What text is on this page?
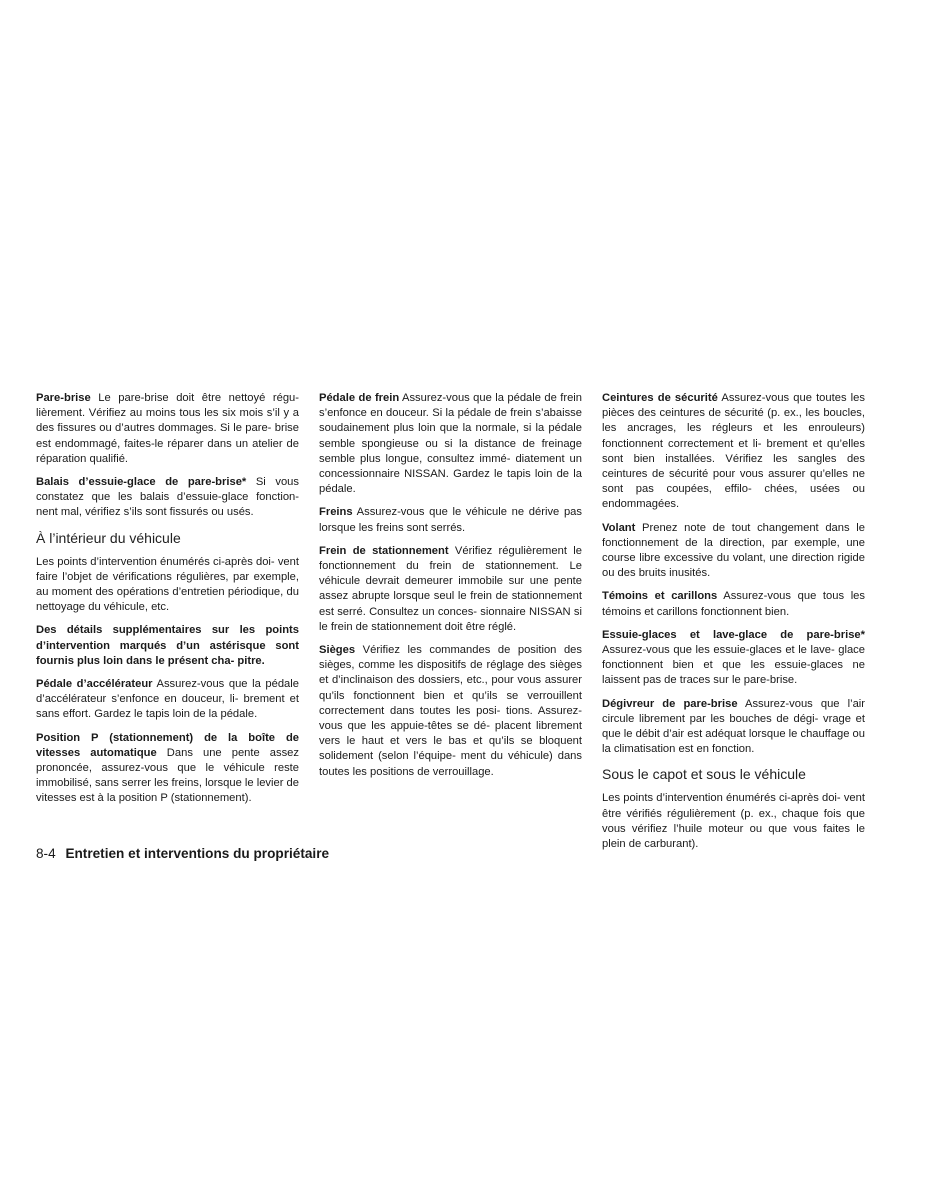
Pare-brise Le pare-brise doit être nettoyé régu- lièrement. Vérifiez au moins tous les six mois s’il y a des fissures ou d’autres dommages. Si le pare- brise est endommagé, faites-le réparer dans un atelier de réparation qualifié.

Balais d’essuie-glace de pare-brise* Si vous constatez que les balais d’essuie-glace fonction- nent mal, vérifiez s’ils sont fissurés ou usés.

À l’intérieur du véhicule

Les points d’intervention énumérés ci-après doi- vent faire l’objet de vérifications régulières, par exemple, au moment des opérations d’entretien périodique, du nettoyage du véhicule, etc.

Des détails supplémentaires sur les points d’intervention marqués d’un astérisque sont fournis plus loin dans le présent cha- pitre.

Pédale d’accélérateur Assurez-vous que la pédale d’accélérateur s’enfonce en douceur, li- brement et sans effort. Gardez le tapis loin de la pédale.

Position P (stationnement) de la boîte de vitesses automatique Dans une pente assez prononcée, assurez-vous que le véhicule reste immobilisé, sans serrer les freins, lorsque le levier de vitesses est à la position P (stationnement).

Pédale de frein Assurez-vous que la pédale de frein s’enfonce en douceur. Si la pédale de frein s’abaisse soudainement plus loin que la normale, si la pédale semble spongieuse ou si la distance de freinage semble plus longue, consultez immé- diatement un concessionnaire NISSAN. Gardez le tapis loin de la pédale.

Freins Assurez-vous que le véhicule ne dérive pas lorsque les freins sont serrés.

Frein de stationnement Vérifiez régulièrement le fonctionnement du frein de stationnement. Le véhicule devrait demeurer immobile sur une pente assez abrupte lorsque seul le frein de stationnement est serré. Consultez un conces- sionnaire NISSAN si le frein de stationnement doit être réglé.

Sièges Vérifiez les commandes de position des sièges, comme les dispositifs de réglage des sièges et d’inclinaison des dossiers, etc., pour vous assurer qu’ils fonctionnent bien et qu’ils se verrouillent correctement dans toutes les posi- tions. Assurez-vous que les appuie-têtes se dé- placent librement vers le haut et vers le bas et qu’ils se bloquent solidement (selon l’équipe- ment du véhicule) dans toutes les positions de verrouillage.

Ceintures de sécurité Assurez-vous que toutes les pièces des ceintures de sécurité (p. ex., les boucles, les ancrages, les régleurs et les enrouleurs) fonctionnent correctement et li- brement et qu’elles sont bien installées. Vérifiez les sangles des ceintures de sécurité pour vous assurer qu’elles ne sont pas coupées, effilo- chées, usées ou endommagées.

Volant Prenez note de tout changement dans le fonctionnement de la direction, par exemple, une course libre excessive du volant, une direction rigide ou des bruits inusités.

Témoins et carillons Assurez-vous que tous les témoins et carillons fonctionnent bien.

Essuie-glaces et lave-glace de pare-brise* Assurez-vous que les essuie-glaces et le lave- glace fonctionnent bien et que les essuie-glaces ne laissent pas de traces sur le pare-brise.

Dégivreur de pare-brise Assurez-vous que l’air circule librement par les bouches de dégi- vrage et que le débit d’air est adéquat lorsque le chauffage ou la climatisation est en fonction.

Sous le capot et sous le véhicule

Les points d’intervention énumérés ci-après doi- vent être vérifiés régulièrement (p. ex., chaque fois que vous vérifiez l’huile moteur ou que vous faites le plein de carburant).

8-4 Entretien et interventions du propriétaire
